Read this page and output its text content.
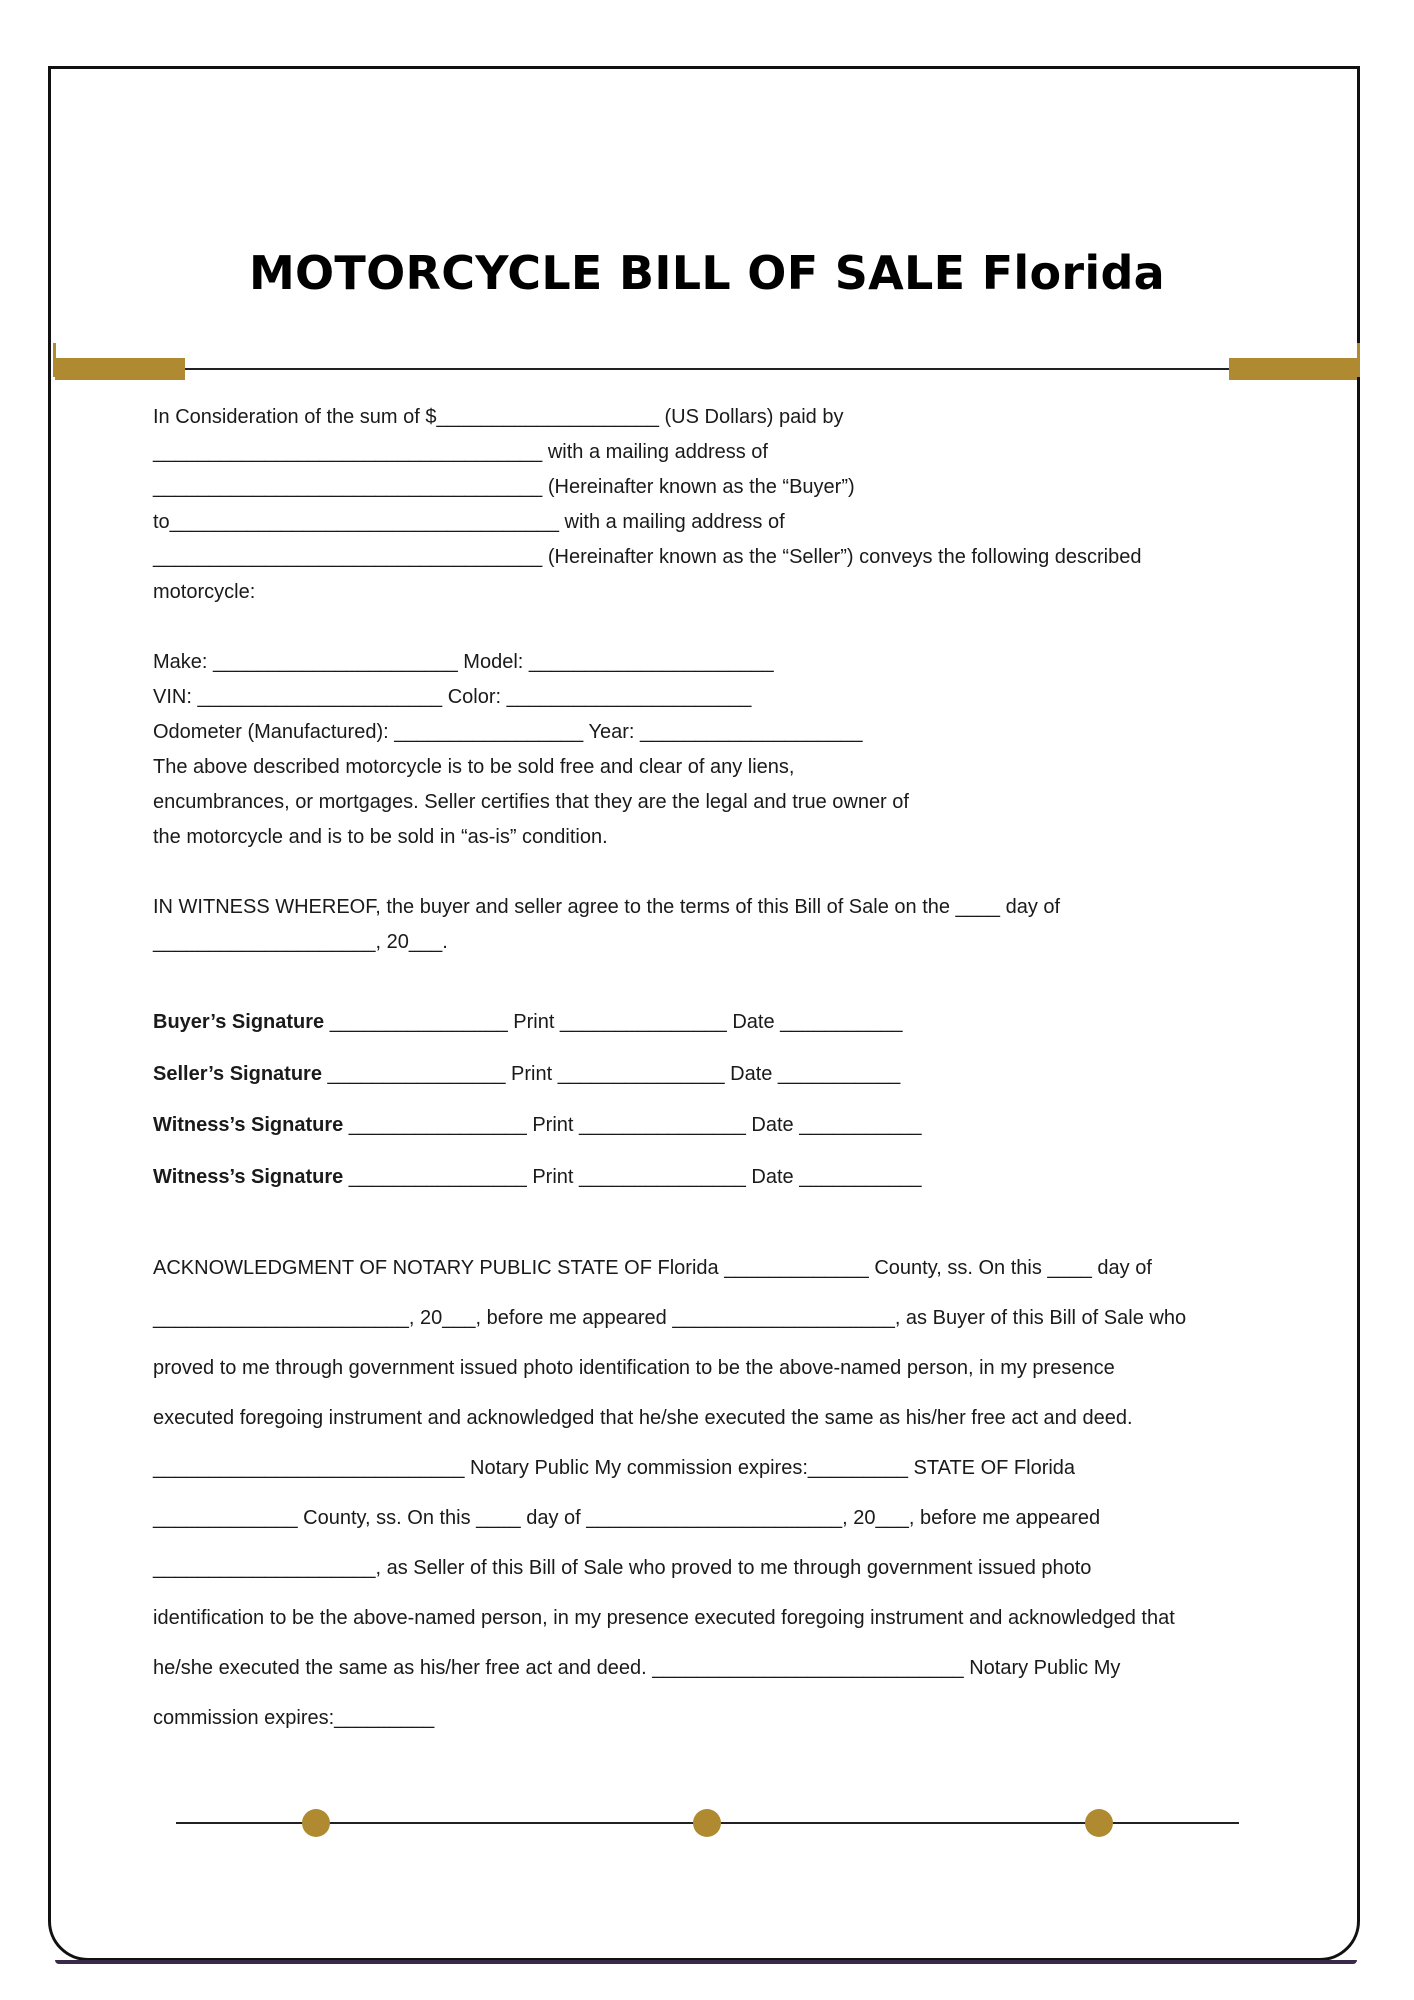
MOTORCYCLE BILL OF SALE Florida

In Consideration of the sum of $____________________ (US Dollars) paid by

___________________________________ with a mailing address of

___________________________________ (Hereinafter known as the “Buyer”)

to___________________________________ with a mailing address of

___________________________________ (Hereinafter known as the “Seller”) conveys the following described

motorcycle:

Make: ______________________ Model: ______________________

VIN: ______________________ Color: ______________________

Odometer (Manufactured): _________________ Year: ____________________

The above described motorcycle is to be sold free and clear of any liens,

encumbrances, or mortgages. Seller certifies that they are the legal and true owner of

the motorcycle and is to be sold in “as-is” condition.

IN WITNESS WHEREOF, the buyer and seller agree to the terms of this Bill of Sale on the ____ day of

____________________, 20___.

Buyer’s Signature ________________ Print _______________ Date ___________
Seller’s Signature ________________ Print _______________ Date ___________
Witness’s Signature ________________ Print _______________ Date ___________
Witness’s Signature ________________ Print _______________ Date ___________

ACKNOWLEDGMENT OF NOTARY PUBLIC STATE OF Florida _____________ County, ss. On this ____ day of

_______________________, 20___, before me appeared ____________________, as Buyer of this Bill of Sale who

proved to me through government issued photo identification to be the above-named person, in my presence

executed foregoing instrument and acknowledged that he/she executed the same as his/her free act and deed.

____________________________ Notary Public My commission expires:_________ STATE OF Florida

_____________ County, ss. On this ____ day of _______________________, 20___, before me appeared

____________________, as Seller of this Bill of Sale who proved to me through government issued photo

identification to be the above-named person, in my presence executed foregoing instrument and acknowledged that

he/she executed the same as his/her free act and deed. ____________________________ Notary Public My

commission expires:_________
